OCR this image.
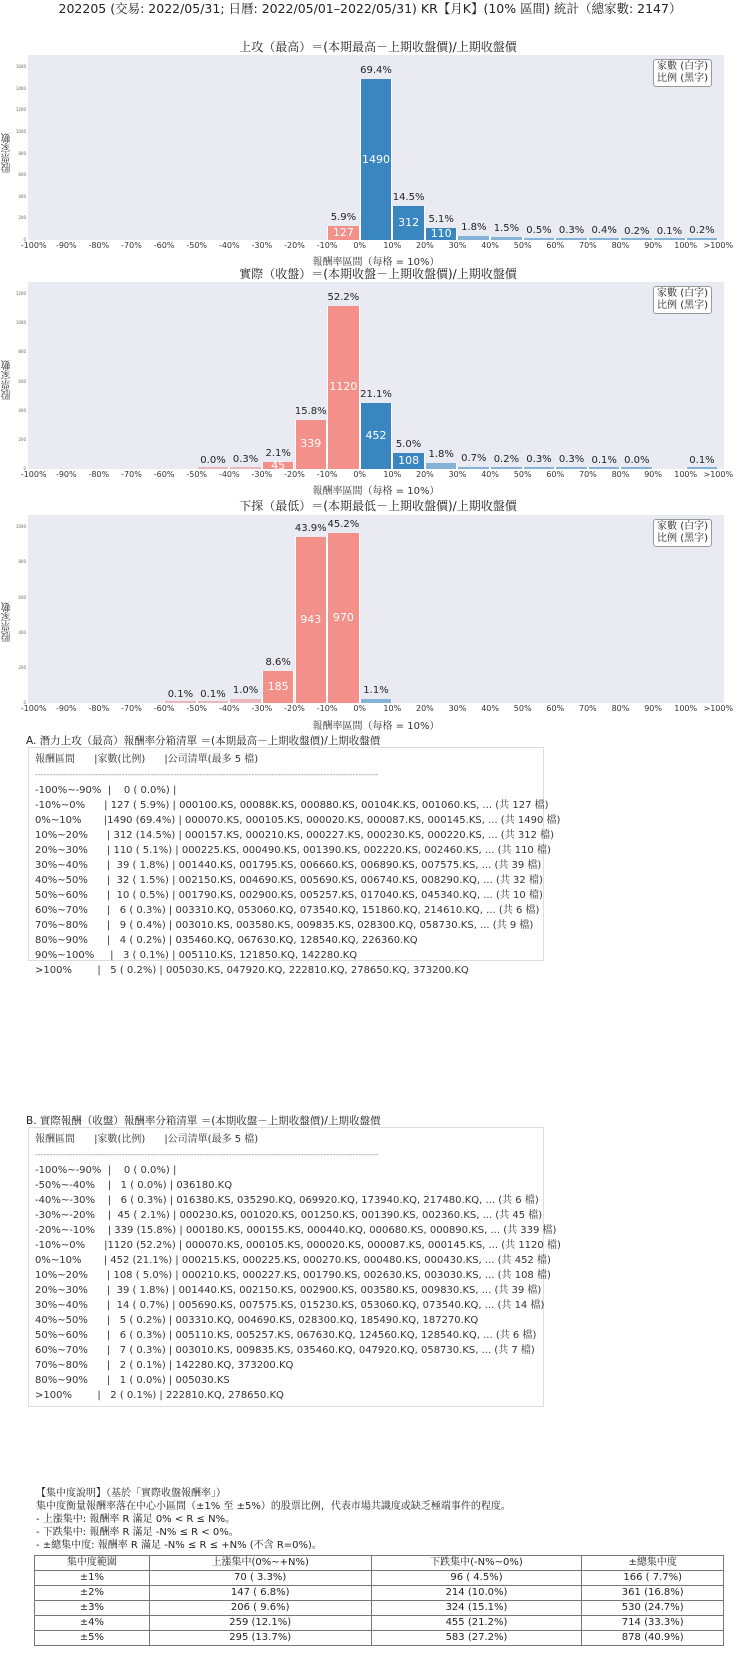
202205 (交易: 2022/05/31; 日曆: 2022/05/01–2022/05/31) KR【月K】(10% 區間) 統計（總家數: 2147）
上攻（最高）＝(本期最高－上期收盤價)/上期收盤價
股票家數
家數 (白字)
比例 (黑字)
127
5.9%
1490
69.4%
312
14.5%
110
5.1%
1.8% 1.5% 0.5% 0.3% 0.4% 0.2% 0.1% 0.2%
報酬率區間（每格 = 10%）
0
200
400
600
800
1000
1200
1400
1600
-100%	-90%	-80%	-70%	-60%	-50%	-40%	-30%	-20%	-10%	0%	10%	20%	30%	40%	50%	60%	70%	80%	90%	100% >100%
實際（收盤）＝(本期收盤－上期收盤價)/上期收盤價
股票家數
家數 (白字)
比例 (黑字)
0.0% 0.3%	45
2.1%
339
15.8%
1120
52.2%
452
21.1%
108
5.0%
1.8% 0.7% 0.2% 0.3% 0.3% 0.1% 0.0%	0.1%
報酬率區間（每格 = 10%）
0
200
400
600
800
1000
1200
-100%	-90%	-80%	-70%	-60%	-50%	-40%	-30%	-20%	-10%	0%	10%	20%	30%	40%	50%	60%	70%	80%	90%	100% >100%
下探（最低）＝(本期最低－上期收盤價)/上期收盤價
股票家數
家數 (白字)
比例 (黑字)
0.1% 0.1% 1.0% 185
8.6%
943
43.9%
970
45.2%
1.1%
報酬率區間（每格 = 10%）
0
200
400
600
800
1000
-100%	-90%	-80%	-70%	-60%	-50%	-40%	-30%	-20%	-10%	0%	10%	20%	30%	40%	50%	60%	70%	80%	90%	100% >100%
A. 潛力上攻（最高）報酬率分箱清單 ＝(本期最高－上期收盤價)/上期收盤價
報酬區間      |家數(比例)      |公司清單(最多 5 檔)
-----------------------------------------------------------------------------------------------------------------------
-100%~-90%  |    0 ( 0.0%) |
-10%~0%      | 127 ( 5.9%) | 000100.KS, 00088K.KS, 000880.KS, 00104K.KS, 001060.KS, ... (共 127 檔)
0%~10%       |1490 (69.4%) | 000070.KS, 000105.KS, 000020.KS, 000087.KS, 000145.KS, ... (共 1490 檔)
10%~20%      | 312 (14.5%) | 000157.KS, 000210.KS, 000227.KS, 000230.KS, 000220.KS, ... (共 312 檔)
20%~30%      | 110 ( 5.1%) | 000225.KS, 000490.KS, 001390.KS, 002220.KS, 002460.KS, ... (共 110 檔)
30%~40%      |  39 ( 1.8%) | 001440.KS, 001795.KS, 006660.KS, 006890.KS, 007575.KS, ... (共 39 檔)
40%~50%      |  32 ( 1.5%) | 002150.KS, 004690.KS, 005690.KS, 006740.KS, 008290.KQ, ... (共 32 檔)
50%~60%      |  10 ( 0.5%) | 001790.KS, 002900.KS, 005257.KS, 017040.KS, 045340.KQ, ... (共 10 檔)
60%~70%      |   6 ( 0.3%) | 003310.KQ, 053060.KQ, 073540.KQ, 151860.KQ, 214610.KQ, ... (共 6 檔)
70%~80%      |   9 ( 0.4%) | 003010.KS, 003580.KS, 009835.KS, 028300.KQ, 058730.KS, ... (共 9 檔)
80%~90%      |   4 ( 0.2%) | 035460.KQ, 067630.KQ, 128540.KQ, 226360.KQ
90%~100%     |   3 ( 0.1%) | 005110.KS, 121850.KQ, 142280.KQ
>100%        |   5 ( 0.2%) | 005030.KS, 047920.KQ, 222810.KQ, 278650.KQ, 373200.KQ
B. 實際報酬（收盤）報酬率分箱清單 ＝(本期收盤－上期收盤價)/上期收盤價
報酬區間      |家數(比例)      |公司清單(最多 5 檔)
-----------------------------------------------------------------------------------------------------------------------
-100%~-90%  |    0 ( 0.0%) |
-50%~-40%    |   1 ( 0.0%) | 036180.KQ
-40%~-30%    |   6 ( 0.3%) | 016380.KS, 035290.KQ, 069920.KQ, 173940.KQ, 217480.KQ, ... (共 6 檔)
-30%~-20%    |  45 ( 2.1%) | 000230.KS, 001020.KS, 001250.KS, 001390.KS, 002360.KS, ... (共 45 檔)
-20%~-10%    | 339 (15.8%) | 000180.KS, 000155.KS, 000440.KQ, 000680.KS, 000890.KS, ... (共 339 檔)
-10%~0%      |1120 (52.2%) | 000070.KS, 000105.KS, 000020.KS, 000087.KS, 000145.KS, ... (共 1120 檔)
0%~10%       | 452 (21.1%) | 000215.KS, 000225.KS, 000270.KS, 000480.KS, 000430.KS, ... (共 452 檔)
10%~20%      | 108 ( 5.0%) | 000210.KS, 000227.KS, 001790.KS, 002630.KS, 003030.KS, ... (共 108 檔)
20%~30%      |  39 ( 1.8%) | 001440.KS, 002150.KS, 002900.KS, 003580.KS, 009830.KS, ... (共 39 檔)
30%~40%      |  14 ( 0.7%) | 005690.KS, 007575.KS, 015230.KS, 053060.KQ, 073540.KQ, ... (共 14 檔)
40%~50%      |   5 ( 0.2%) | 003310.KQ, 004690.KS, 028300.KQ, 185490.KQ, 187270.KQ
50%~60%      |   6 ( 0.3%) | 005110.KS, 005257.KS, 067630.KQ, 124560.KQ, 128540.KQ, ... (共 6 檔)
60%~70%      |   7 ( 0.3%) | 003010.KS, 009835.KS, 035460.KQ, 047920.KQ, 058730.KS, ... (共 7 檔)
70%~80%      |   2 ( 0.1%) | 142280.KQ, 373200.KQ
80%~90%      |   1 ( 0.0%) | 005030.KS
>100%        |   2 ( 0.1%) | 222810.KQ, 278650.KQ
【集中度說明】（基於「實際收盤報酬率」）
集中度衡量報酬率落在中心小區間（±1% 至 ±5%）的股票比例，代表市場共識度或缺乏極端事件的程度。
- 上漲集中: 報酬率 R 滿足 0% < R ≤ N%。
- 下跌集中: 報酬率 R 滿足 -N% ≤ R < 0%。
- ±總集中度: 報酬率 R 滿足 -N% ≤ R ≤ +N% (不含 R=0%)。
集中度範圍	上漲集中(0%~+N%)	下跌集中(-N%~0%)	±總集中度
±1%	70 ( 3.3%)	96 ( 4.5%)	166 ( 7.7%)
±2%	147 ( 6.8%)	214 (10.0%)	361 (16.8%)
±3%	206 ( 9.6%)	324 (15.1%)	530 (24.7%)
±4%	259 (12.1%)	455 (21.2%)	714 (33.3%)
±5%	295 (13.7%)	583 (27.2%)	878 (40.9%)
